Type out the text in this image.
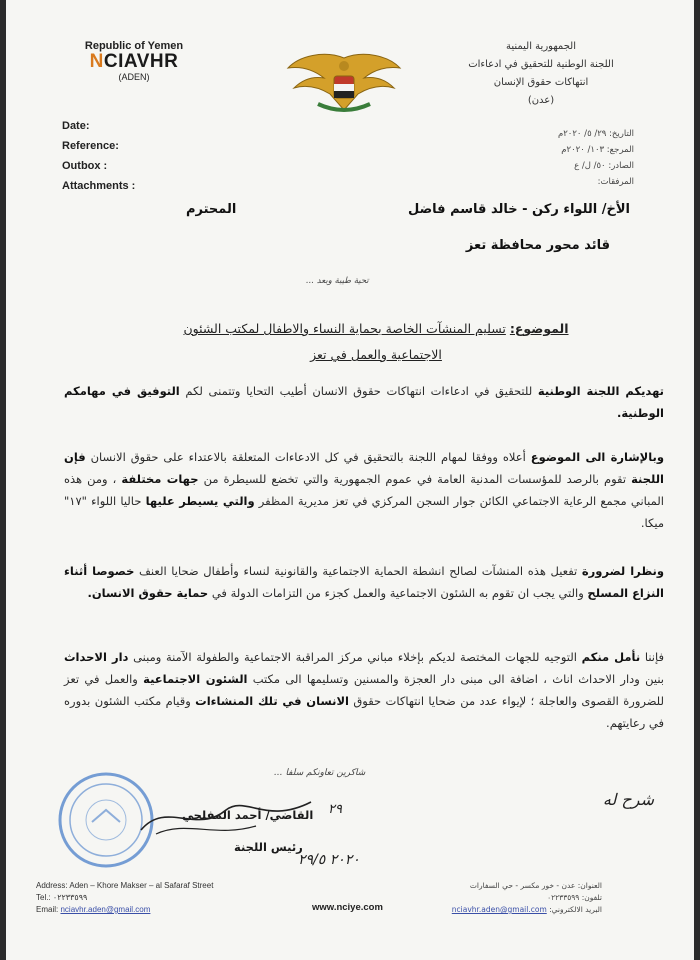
Republic of Yemen
NCIAVHR
(ADEN)
الجمهورية اليمنية
اللجنة الوطنية للتحقيق في ادعاءات
انتهاكات حقوق الإنسان
(عدن)
Date:
Reference:
Outbox :
Attachments :
التاريخ: ٢٩/ ٥/ ٢٠٢٠م
المرجع: ١٠٣/ ٢٠٢٠م
الصادر: ٥٠/ ل/ ع
المرفقات:
الأخ/ اللواء ركن - خالد قاسم فاضل
المحترم
قائد محور محافظة تعز
تحية طيبة وبعد ...
الموضوع: تسليم المنشآت الخاصة بحماية النساء والاطفال لمكتب الشئون
الاجتماعية والعمل في تعز
تهديكم اللجنة الوطنية للتحقيق في ادعاءات انتهاكات حقوق الانسان أطيب التحايا وتتمنى لكم التوفيق في مهامكم الوطنية.
وبالإشارة الى الموضوع أعلاه ووفقا لمهام اللجنة بالتحقيق في كل الادعاءات المتعلقة بالاعتداء على حقوق الانسان فإن اللجنة تقوم بالرصد للمؤسسات المدنية العامة في عموم الجمهورية والتي تخضع للسيطرة من جهات مختلفة ، ومن هذه المباني مجمع الرعاية الاجتماعي الكائن جوار السجن المركزي في تعز مديرية المظفر والتي يسيطر عليها حاليا اللواء "١٧" ميكا.
ونظرا لضرورة تفعيل هذه المنشآت لصالح انشطة الحماية الاجتماعية والقانونية لنساء وأطفال ضحايا العنف خصوصا أثناء النزاع المسلح والتي يجب ان تقوم به الشئون الاجتماعية والعمل كجزء من التزامات الدولة في حماية حقوق الانسان.
فإننا نأمل منكم التوجيه للجهات المختصة لديكم بإخلاء مباني مركز المراقبة الاجتماعية والطفولة الآمنة ومبنى دار الاحداث بنين ودار الاحداث اناث ، اضافة الى مبنى دار العجزة والمسنين وتسليمها الى مكتب الشئون الاجتماعية والعمل في تعز للضرورة القصوى والعاجلة ؛ لإيواء عدد من ضحايا انتهاكات حقوق الانسان في تلك المنشاءات وقيام مكتب الشئون بدوره في رعايتهم.
شاكرين تعاونكم سلفا ...
القاضي/ أحمد المفلحي
رئيس اللجنة
٢٩
٢٠٢٠ ٢٩/٥
شرح له
Address: Aden – Khore Makser – al Safaraf Street
Tel.: ٠٢٢٣٣٥٩٩
Email: nciavhr.aden@gmail.com	www.nciye.com
العنوان: عدن - خور مكسر - حي السفارات
تلفون: ٠٢٢٣٣٥٩٩
البريد الالكتروني: nciavhr.aden@gmail.com
